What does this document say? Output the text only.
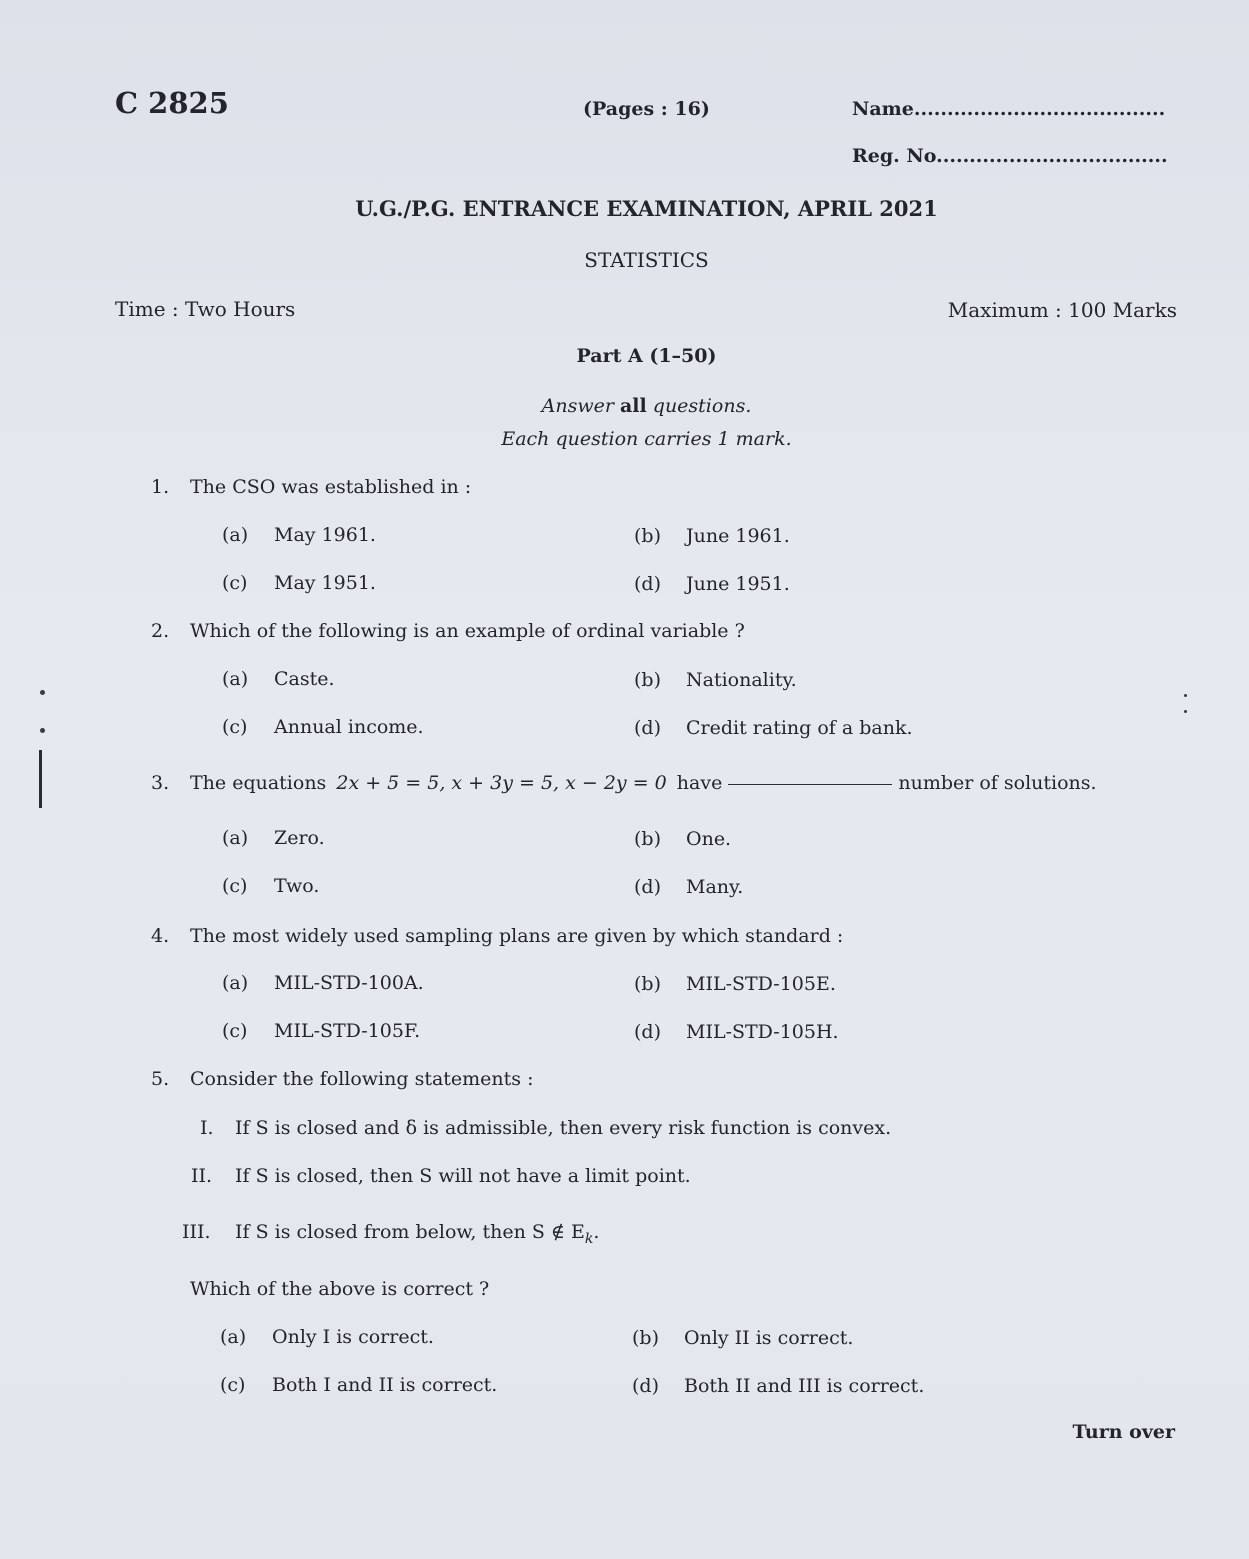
C 2825	(Pages : 16)	Name......................................
Reg. No...................................
U.G./P.G. ENTRANCE EXAMINATION, APRIL 2021
STATISTICS
Time : Two Hours	Maximum : 100 Marks
Part A (1–50)
Answer all questions.
Each question carries 1 mark.
1. The CSO was established in :
(a) May 1961.	(b) June 1961.
(c) May 1951.	(d) June 1951.
2. Which of the following is an example of ordinal variable ?
(a) Caste.	(b) Nationality.
(c) Annual income.	(d) Credit rating of a bank.
3. The equations 2x + 5 = 5, x + 3y = 5, x − 2y = 0 have	number of solutions.
(a) Zero.	(b) One.
(c) Two.	(d) Many.
4. The most widely used sampling plans are given by which standard :
(a) MIL-STD-100A.	(b) MIL-STD-105E.
(c) MIL-STD-105F.	(d) MIL-STD-105H.
5. Consider the following statements :
I. If S is closed and δ is admissible, then every risk function is convex.
II. If S is closed, then S will not have a limit point.
III. If S is closed from below, then S ∉ $E_k$.
Which of the above is correct ?
(a) Only I is correct.	(b) Only II is correct.
(c) Both I and II is correct.	(d) Both II and III is correct.
Turn over
